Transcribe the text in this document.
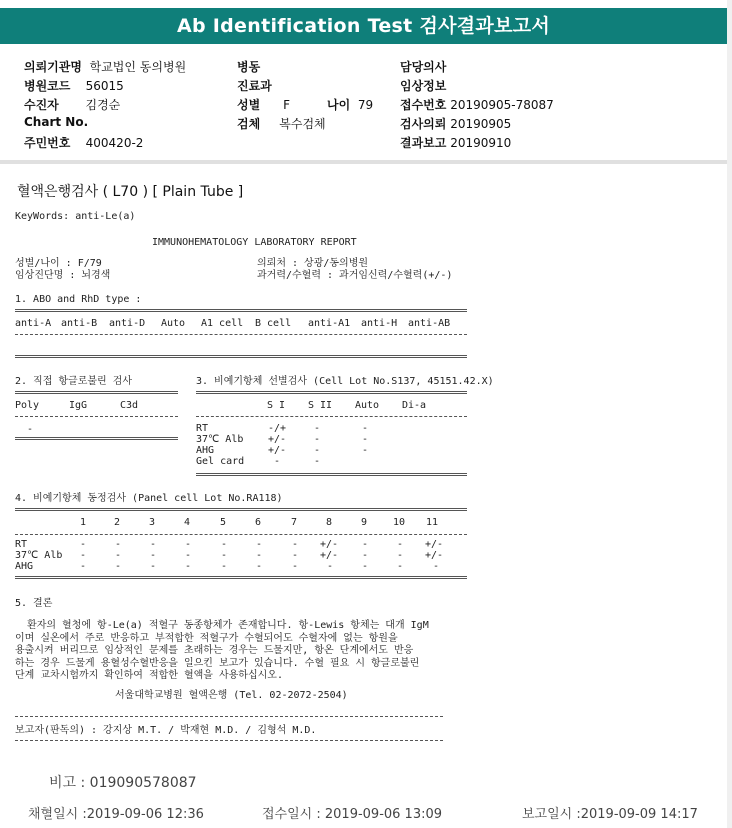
Ab Identification Test 검사결과보고서
의뢰기관명 학교법인 동의병원
병원코드 56015
수진자 김경순
Chart No.
주민번호 400420-2
병동
진료과
성별 F	나이 79
검체 복수검체
담당의사
임상정보
접수번호 20190905-78087
검사의뢰 20190905
결과보고 20190910
혈액은행검사 ( L70 ) [ Plain Tube ]
KeyWords: anti-Le(a)
IMMUNOHEMATOLOGY LABORATORY REPORT
성별/나이 : F/79
임상진단명 : 뇌경색
의뢰처 : 상광/동의병원
과거력/수혈력 : 과거임신력/수혈력(+/-)
1. ABO and RhD type :
anti-A anti-B anti-D Auto A1 cell B cell anti-A1 anti-H anti-AB
2. 직접 항글로불린 검사
Poly	IgG	C3d
-
3. 비예기항체 선별검사 (Cell Lot No.S137, 45151.42.X)
S I S II Auto Di-a
RT	-/+	-	-
37℃ Alb +/-	-	-
AHG	+/-	-	-
Gel card	-	-
4. 비예기항체 동정검사 (Panel cell Lot No.RA118)
1	2	3	4	5	6	7	8	9	10 11
RT	-	-	-	-	-	-	- +/- -	- +/-
37℃ Alb -	-	-	-	-	-	- +/- -	- +/-
AHG	-	-	-	-	-	-	-	-	-	-	-
5. 결론
환자의 혈청에 항-Le(a) 적혈구 동종항체가 존재합니다. 항-Lewis 항체는 대개 IgM
이며 실온에서 주로 반응하고 부적합한 적혈구가 수혈되어도 수혈자에 없는 항원을
용출시켜 버리므로 임상적인 문제를 초래하는 경우는 드물지만, 항온 단계에서도 반응
하는 경우 드물게 용혈성수혈반응을 일으킨 보고가 있습니다. 수혈 필요 시 항글로불린
단계 교차시험까지 확인하여 적합한 혈액을 사용하십시오.
서울대학교병원 혈액은행 (Tel. 02-2072-2504)
보고자(판독의) : 강지상 M.T. / 박재현 M.D. / 김형석 M.D.
비고 : 019090578087
채혈일시 :2019-09-06 12:36	접수일시 : 2019-09-06 13:09	보고일시 :2019-09-09 14:17
